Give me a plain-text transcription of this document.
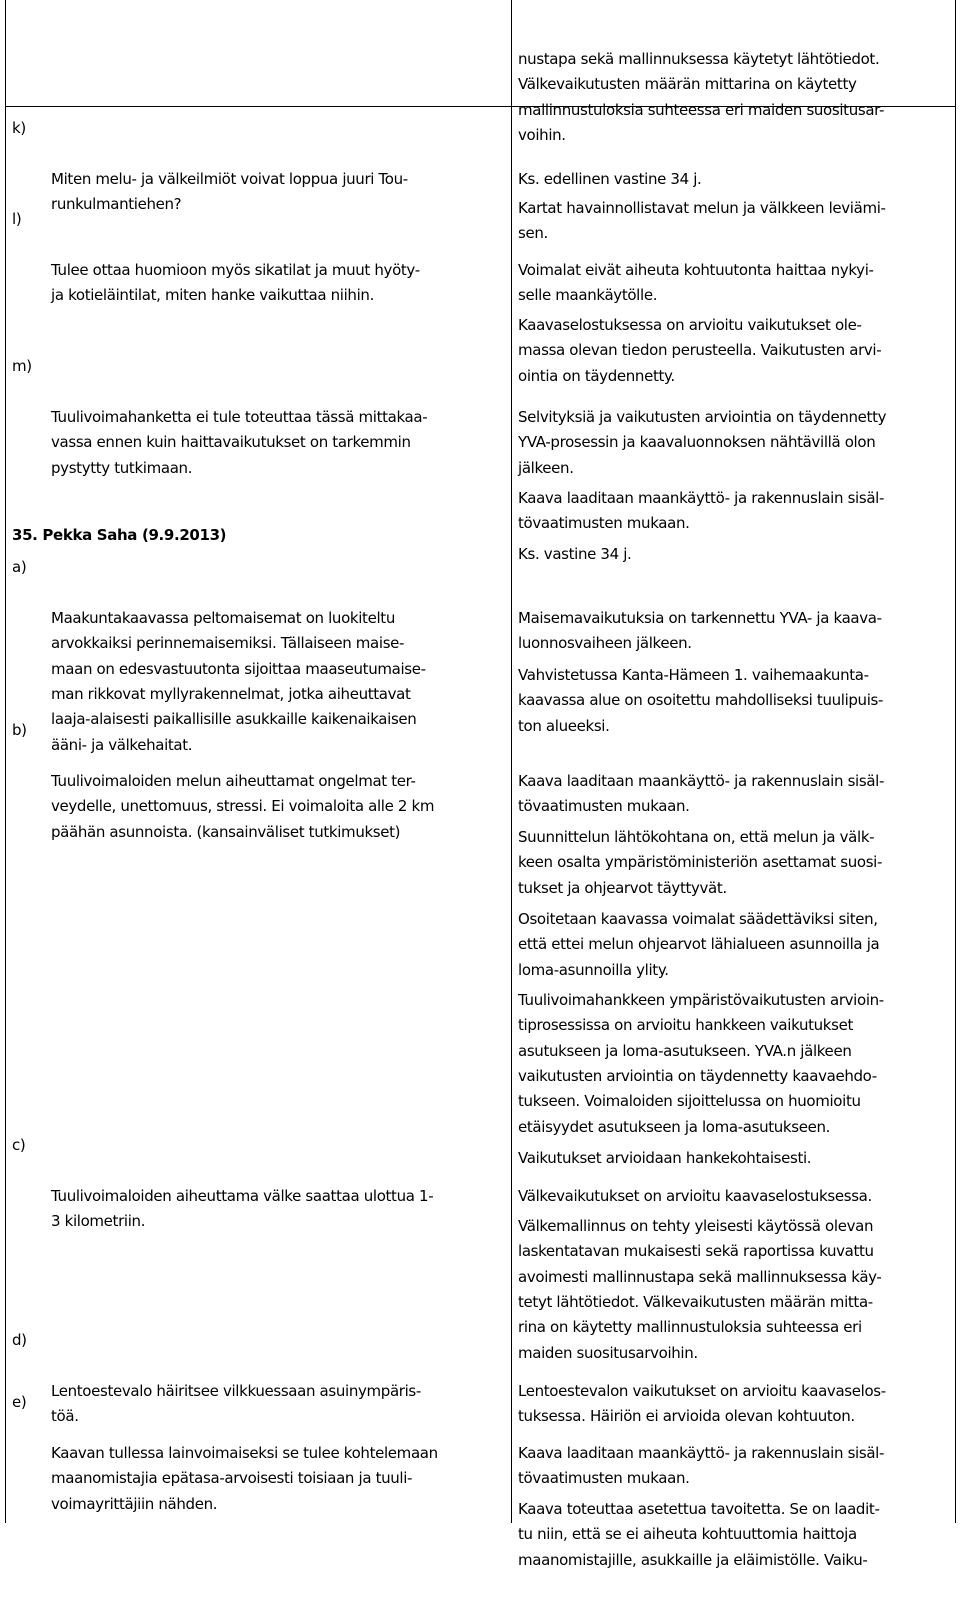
nustapa sekä mallinnuksessa käytetyt lähtötiedot.
Välkevaikutusten määrän mittarina on käytetty
mallinnustuloksia suhteessa eri maiden suositusar-
voihin.

k)

Miten melu- ja välkeilmiöt voivat loppua juuri Tou-
runkulmantiehen?

Ks. edellinen vastine 34 j.

Kartat havainnollistavat melun ja välkkeen leviämi-
sen.

l)

Tulee ottaa huomioon myös sikatilat ja muut hyöty-
ja kotieläintilat, miten hanke vaikuttaa niihin.

Voimalat eivät aiheuta kohtuutonta haittaa nykyi-
selle maankäytölle.

Kaavaselostuksessa on arvioitu vaikutukset ole-
massa olevan tiedon perusteella. Vaikutusten arvi-
ointia on täydennetty.

m)

Tuulivoimahanketta ei tule toteuttaa tässä mittakaa-
vassa ennen kuin haittavaikutukset on tarkemmin
pystytty tutkimaan.

Selvityksiä ja vaikutusten arviointia on täydennetty
YVA-prosessin ja kaavaluonnoksen nähtävillä olon
jälkeen.

Kaava laaditaan maankäyttö- ja rakennuslain sisäl-
tövaatimusten mukaan.

Ks. vastine 34 j.

35. Pekka Saha (9.9.2013)
a)

Maakuntakaavassa peltomaisemat on luokiteltu
arvokkaiksi perinnemaisemiksi. Tällaiseen maise-
maan on edesvastuutonta sijoittaa maaseutumaise-
man rikkovat myllyrakennelmat, jotka aiheuttavat
laaja-alaisesti paikallisille asukkaille kaikenaikaisen
ääni- ja välkehaitat.

Maisemavaikutuksia on tarkennettu YVA- ja kaava-
luonnosvaiheen jälkeen.

Vahvistetussa Kanta-Hämeen 1. vaihemaakunta-
kaavassa alue on osoitettu mahdolliseksi tuulipuis-
ton alueeksi.

b)

Tuulivoimaloiden melun aiheuttamat ongelmat ter-
veydelle, unettomuus, stressi. Ei voimaloita alle 2 km
päähän asunnoista. (kansainväliset tutkimukset)

Kaava laaditaan maankäyttö- ja rakennuslain sisäl-
tövaatimusten mukaan.

Suunnittelun lähtökohtana on, että melun ja välk-
keen osalta ympäristöministeriön asettamat suosi-
tukset ja ohjearvot täyttyvät.

Osoitetaan kaavassa voimalat säädettäviksi siten,
että ettei melun ohjearvot lähialueen asunnoilla ja
loma-asunnoilla ylity.

Tuulivoimahankkeen ympäristövaikutusten arvioin-
tiprosessissa on arvioitu hankkeen vaikutukset
asutukseen ja loma-asutukseen. YVA.n jälkeen
vaikutusten arviointia on täydennetty kaavaehdo-
tukseen. Voimaloiden sijoittelussa on huomioitu
etäisyydet asutukseen ja loma-asutukseen.

Vaikutukset arvioidaan hankekohtaisesti.

c)

Tuulivoimaloiden aiheuttama välke saattaa ulottua 1-
3 kilometriin.

Välkevaikutukset on arvioitu kaavaselostuksessa.

Välkemallinnus on tehty yleisesti käytössä olevan
laskentatavan mukaisesti sekä raportissa kuvattu
avoimesti mallinnustapa sekä mallinnuksessa käy-
tetyt lähtötiedot. Välkevaikutusten määrän mitta-
rina on käytetty mallinnustuloksia suhteessa eri
maiden suositusarvoihin.

d)

Lentoestevalo häiritsee vilkkuessaan asuinympäris-
töä.

Lentoestevalon vaikutukset on arvioitu kaavaselos-
tuksessa. Häiriön ei arvioida olevan kohtuuton.

e)

Kaavan tullessa lainvoimaiseksi se tulee kohtelemaan
maanomistajia epätasa-arvoisesti toisiaan ja tuuli-
voimayrittäjiin nähden.

Kaava laaditaan maankäyttö- ja rakennuslain sisäl-
tövaatimusten mukaan.

Kaava toteuttaa asetettua tavoitetta. Se on laadit-
tu niin, että se ei aiheuta kohtuuttomia haittoja
maanomistajille, asukkaille ja eläimistölle. Vaiku-
